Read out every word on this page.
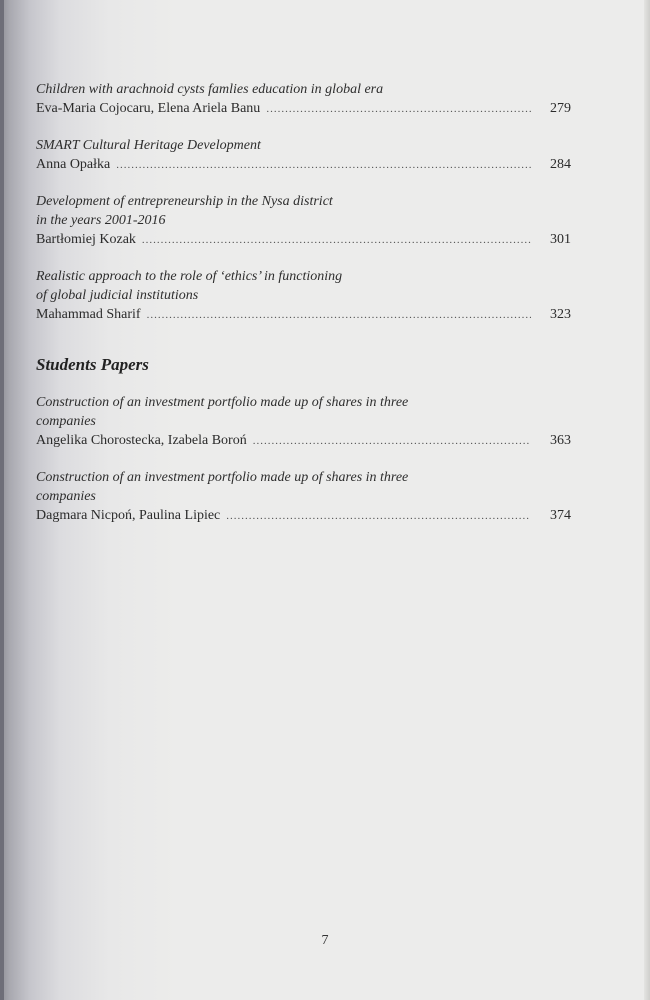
Children with arachnoid cysts famlies education in global era
Eva-Maria Cojocaru, Elena Ariela Banu .....	279
SMART Cultural Heritage Development
Anna Opałka .....	284
Development of entrepreneurship in the Nysa district
in the years 2001-2016
Bartłomiej Kozak .....	301
Realistic approach to the role of ‘ethics’ in functioning
of global judicial institutions
Mahammad Sharif .....	323
Students Papers
Construction of an investment portfolio made up of shares in three
companies
Angelika Chorostecka, Izabela Boroń .....	363
Construction of an investment portfolio made up of shares in three
companies
Dagmara Nicpoń, Paulina Lipiec .....	374
7
